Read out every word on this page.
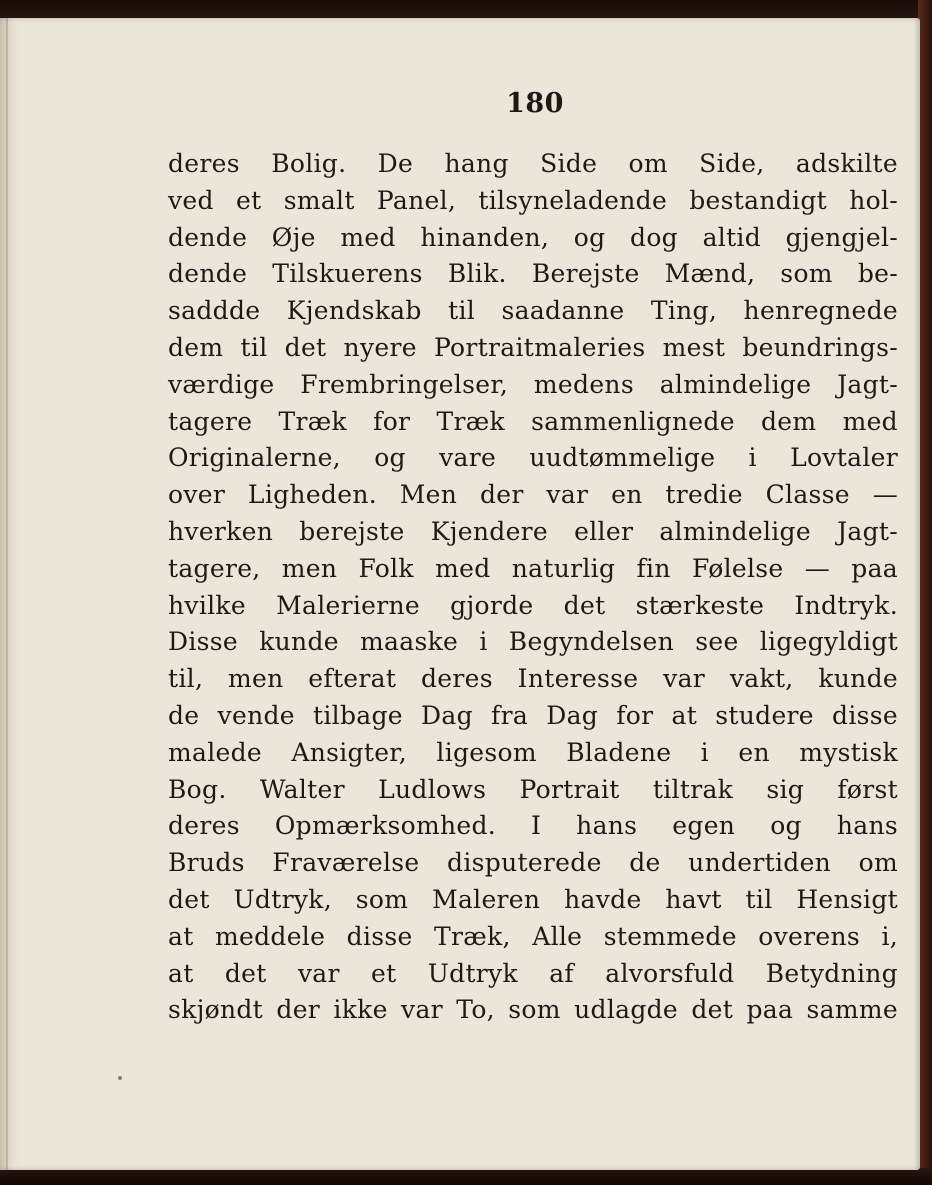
180
deres Bolig. De hang Side om Side, adskilte
ved et smalt Panel, tilsyneladende bestandigt hol-
dende Øje med hinanden, og dog altid gjengjel-
dende Tilskuerens Blik. Berejste Mænd, som be-
saddde Kjendskab til saadanne Ting, henregnede
dem til det nyere Portraitmaleries mest beundrings-
værdige Frembringelser, medens almindelige Jagt-
tagere Træk for Træk sammenlignede dem med
Originalerne, og vare uudtømmelige i Lovtaler
over Ligheden. Men der var en tredie Classe —
hverken berejste Kjendere eller almindelige Jagt-
tagere, men Folk med naturlig fin Følelse — paa
hvilke Malerierne gjorde det stærkeste Indtryk.
Disse kunde maaske i Begyndelsen see ligegyldigt
til, men efterat deres Interesse var vakt, kunde
de vende tilbage Dag fra Dag for at studere disse
malede Ansigter, ligesom Bladene i en mystisk
Bog. Walter Ludlows Portrait tiltrak sig først
deres Opmærksomhed. I hans egen og hans
Bruds Fraværelse disputerede de undertiden om
det Udtryk, som Maleren havde havt til Hensigt
at meddele disse Træk, Alle stemmede overens i,
at det var et Udtryk af alvorsfuld Betydning
skjøndt der ikke var To, som udlagde det paa samme
